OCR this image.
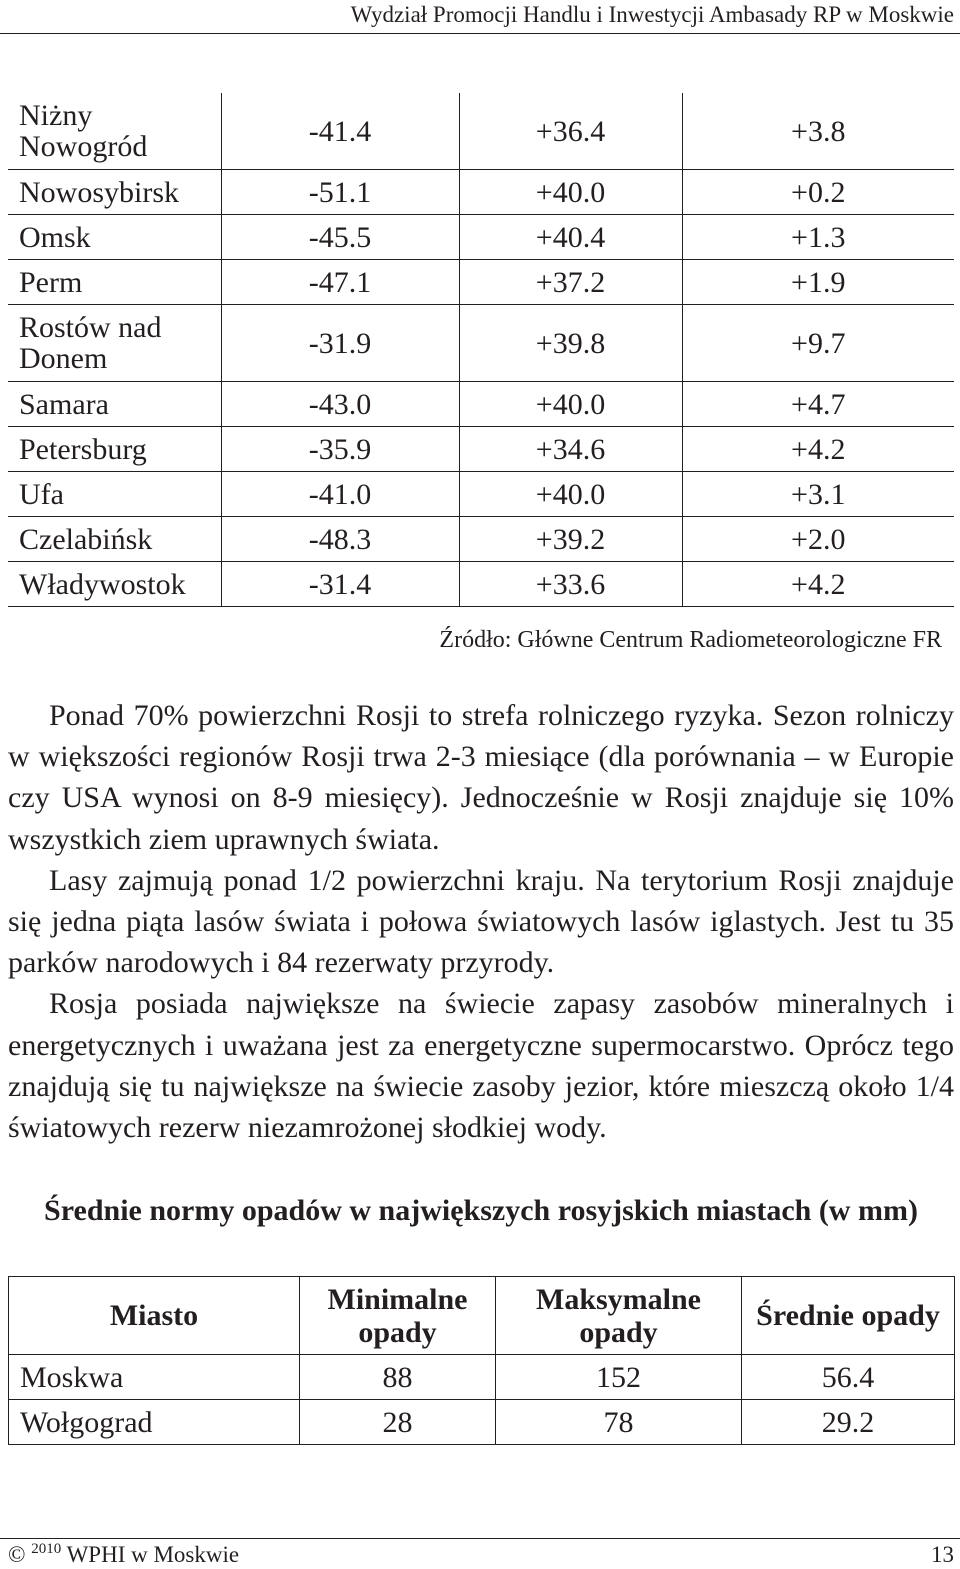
Wydział Promocji Handlu i Inwestycji Ambasady RP w Moskwie
Niżny Nowogród	-41.4	+36.4	+3.8
Nowosybirsk	-51.1	+40.0	+0.2
Omsk	-45.5	+40.4	+1.3
Perm	-47.1	+37.2	+1.9
Rostów nad Donem	-31.9	+39.8	+9.7
Samara	-43.0	+40.0	+4.7
Petersburg	-35.9	+34.6	+4.2
Ufa	-41.0	+40.0	+3.1
Czelabińsk	-48.3	+39.2	+2.0
Władywostok	-31.4	+33.6	+4.2
Źródło: Główne Centrum Radiometeorologiczne FR

Ponad 70% powierzchni Rosji to strefa rolniczego ryzyka. Sezon rolniczy w większości regionów Rosji trwa 2-3 miesiące (dla porównania – w Europie czy USA wynosi on 8-9 miesięcy). Jednocześnie w Rosji znajduje się 10% wszystkich ziem uprawnych świata.

Lasy zajmują ponad 1/2 powierzchni kraju. Na terytorium Rosji znajduje się jedna piąta lasów świata i połowa światowych lasów iglastych. Jest tu 35 parków narodowych i 84 rezerwaty przyrody.

Rosja posiada największe na świecie zapasy zasobów mineralnych i energetycznych i uważana jest za energetyczne supermocarstwo. Oprócz tego znajdują się tu największe na świecie zasoby jezior, które mieszczą około 1/4 światowych rezerw niezamrożonej słodkiej wody.

Średnie normy opadów w największych rosyjskich miastach (w mm)
Miasto	Minimalne opady	Maksymalne opady	Średnie opady
Moskwa	88	152	56.4
Wołgograd	28	78	29.2
© $^{2010}$ WPHI w Moskwie	13
